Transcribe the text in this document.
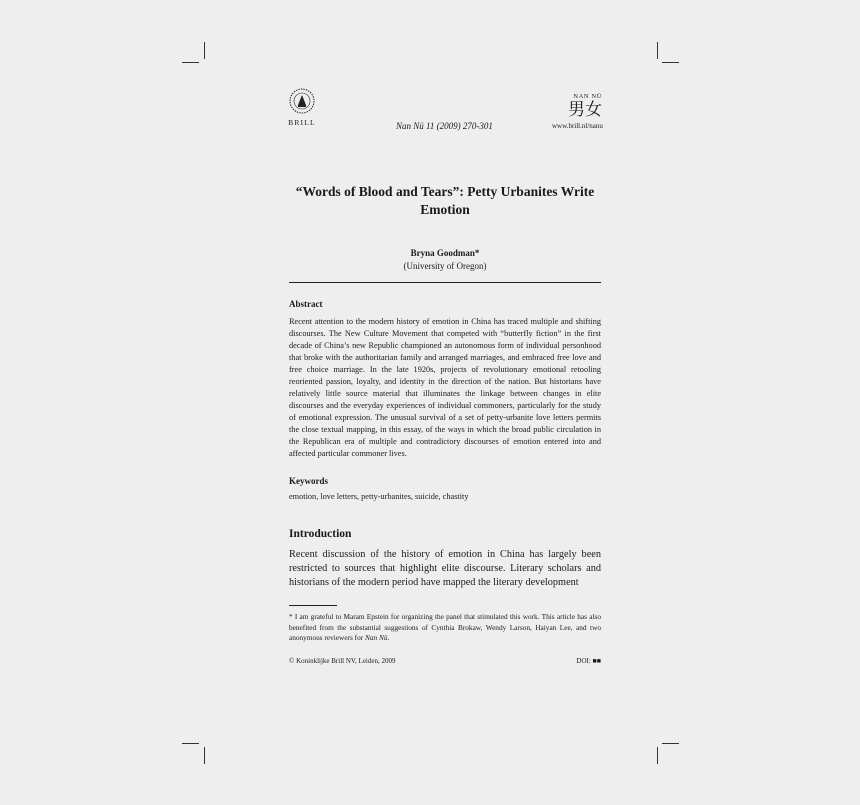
BRILL	Nan Nü 11 (2009) 270-301
NAN NÜ
男女
www.brill.nl/nanu
“Words of Blood and Tears”: Petty Urbanites Write Emotion
Bryna Goodman*
(University of Oregon)
Abstract
Recent attention to the modern history of emotion in China has traced multiple and shifting discourses. The New Culture Movement that competed with “butterfly fiction” in the first decade of China’s new Republic championed an autonomous form of individual personhood that broke with the authoritarian family and arranged marriages, and embraced free love and free choice marriage. In the late 1920s, projects of revolutionary emotional retooling reoriented passion, loyalty, and identity in the direction of the nation. But historians have relatively little source material that illuminates the linkage between changes in elite discourses and the everyday experiences of individual commoners, particularly for the study of emotional expression. The unusual survival of a set of petty-urbanite love letters permits the close textual mapping, in this essay, of the ways in which the broad public circulation in the Republican era of multiple and contradictory discourses of emotion entered into and affected particular commoner lives.
Keywords
emotion, love letters, petty-urbanites, suicide, chastity
Introduction
Recent discussion of the history of emotion in China has largely been restricted to sources that highlight elite discourse. Literary scholars and historians of the modern period have mapped the literary development
* I am grateful to Maram Epstein for organizing the panel that stimulated this work. This article has also benefited from the substantial suggestions of Cynthia Brokaw, Wendy Larson, Haiyan Lee, and two anonymous reviewers for Nan Nü.
© Koninklijke Brill NV, Leiden, 2009	DOI: ■■
